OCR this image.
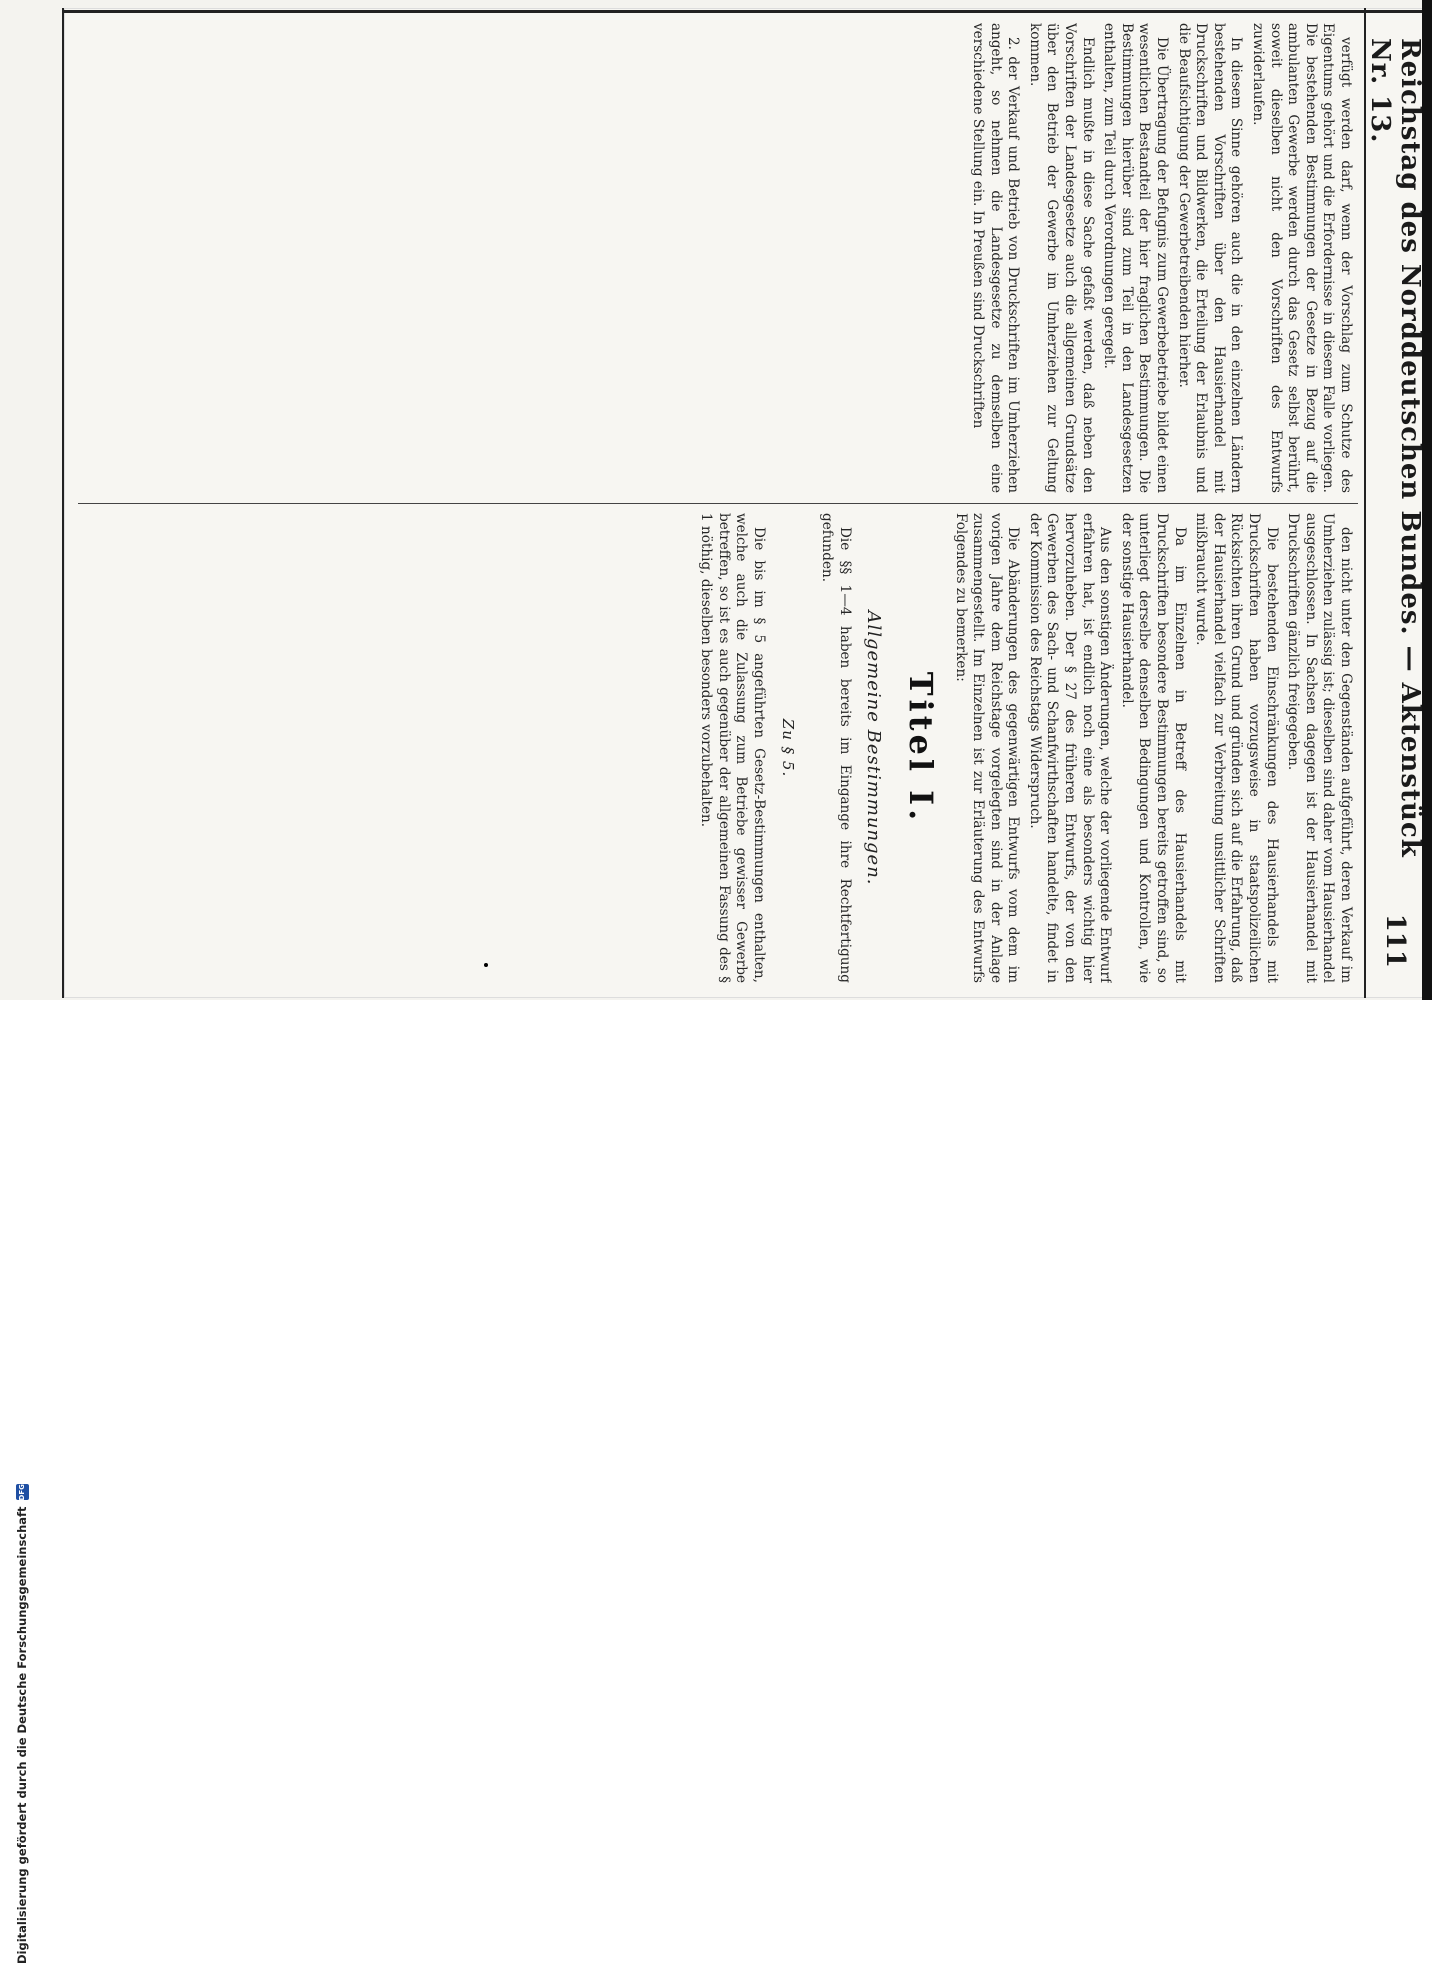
Reichstag des Norddeutschen Bundes. — Aktenstück Nr. 13.
111

verfügt werden darf, wenn der Vorschlag zum Schutze des Eigentums gehört und die Erfordernisse in diesem Falle vorliegen. Die bestehenden Bestimmungen der Gesetze in Bezug auf die ambulanten Gewerbe werden durch das Gesetz selbst berührt, soweit dieselben nicht den Vorschriften des Entwurfs zuwiderlaufen.

In diesem Sinne gehören auch die in den einzelnen Ländern bestehenden Vorschriften über den Hausierhandel mit Druckschriften und Bildwerken, die Erteilung der Erlaubnis und die Beaufsichtigung der Gewerbetreibenden hierher.

Die Übertragung der Befugnis zum Gewerbebetriebe bildet einen wesentlichen Bestandteil der hier fraglichen Bestimmungen. Die Bestimmungen hierüber sind zum Teil in den Landesgesetzen enthalten, zum Teil durch Verordnungen geregelt.

Endlich mußte in diese Sache gefaßt werden, daß neben den Vorschriften der Landesgesetze auch die allgemeinen Grundsätze über den Betrieb der Gewerbe im Umherziehen zur Geltung kommen.

2. der Verkauf und Betrieb von Druckschriften im Umherziehen angeht, so nehmen die Landesgesetze zu demselben eine verschiedene Stellung ein. In Preußen sind Druckschriften

den nicht unter den Gegenständen aufgeführt, deren Verkauf im Umherziehen zulässig ist; dieselben sind daher vom Hausierhandel ausgeschlossen. In Sachsen dagegen ist der Hausierhandel mit Druckschriften gänzlich freigegeben.

Die bestehenden Einschränkungen des Hausierhandels mit Druckschriften haben vorzugsweise in staatspolizeilichen Rücksichten ihren Grund und gründen sich auf die Erfahrung, daß der Hausierhandel vielfach zur Verbreitung unsittlicher Schriften mißbraucht wurde.

Da im Einzelnen in Betreff des Hausierhandels mit Druckschriften besondere Bestimmungen bereits getroffen sind, so unterliegt derselbe denselben Bedingungen und Kontrollen, wie der sonstige Hausierhandel.

Aus den sonstigen Änderungen, welche der vorliegende Entwurf erfahren hat, ist endlich noch eine als besonders wichtig hier hervorzuheben. Der § 27 des früheren Entwurfs, der von den Gewerben des Sach- und Schanfwirthschaften handelte, findet in der Kommission des Reichstags Widerspruch.

Die Abänderungen des gegenwärtigen Entwurfs vom dem im vorigen Jahre dem Reichstage vorgelegten sind in der Anlage zusammengestellt. Im Einzelnen ist zur Erläuterung des Entwurfs Folgendes zu bemerken:

Titel I.

Allgemeine Bestimmungen.

Die §§ 1—4 haben bereits im Eingange ihre Rechtfertigung gefunden.

Zu § 5.

Die bis im § 5 angeführten Gesetz-Bestimmungen enthalten, welche auch die Zulassung zum Betriebe gewisser Gewerbe betreffen, so ist es auch gegenüber der allgemeinen Fassung des § 1 nöthig, dieselben besonders vorzubehalten.

Digitalisierung gefördert durch die Deutsche Forschungsgemeinschaft
DFG
